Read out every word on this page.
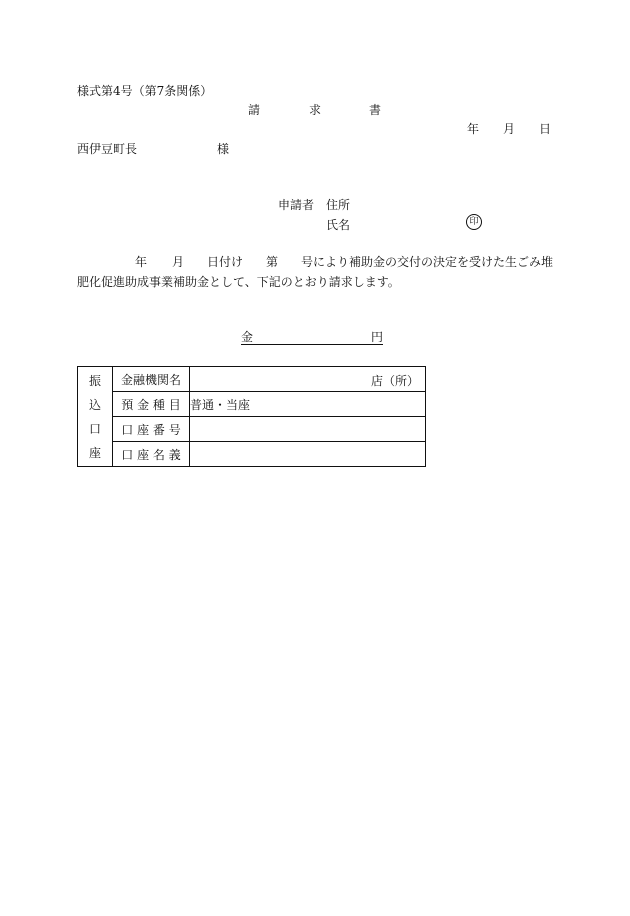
様式第4号（第7条関係）
請	求	書
年 月 日
西伊豆町長	様
申請者 住所
氏名	印
年 月 日付け 第 号により補助金の交付の決定を受けた生ごみ堆
肥化促進助成事業補助金として、下記のとおり請求します。
金	円
振
込
口
座	金融機関名	店（所）

	預 金 種 目	普通・当座
	口 座 番 号	
	口 座 名 義	
